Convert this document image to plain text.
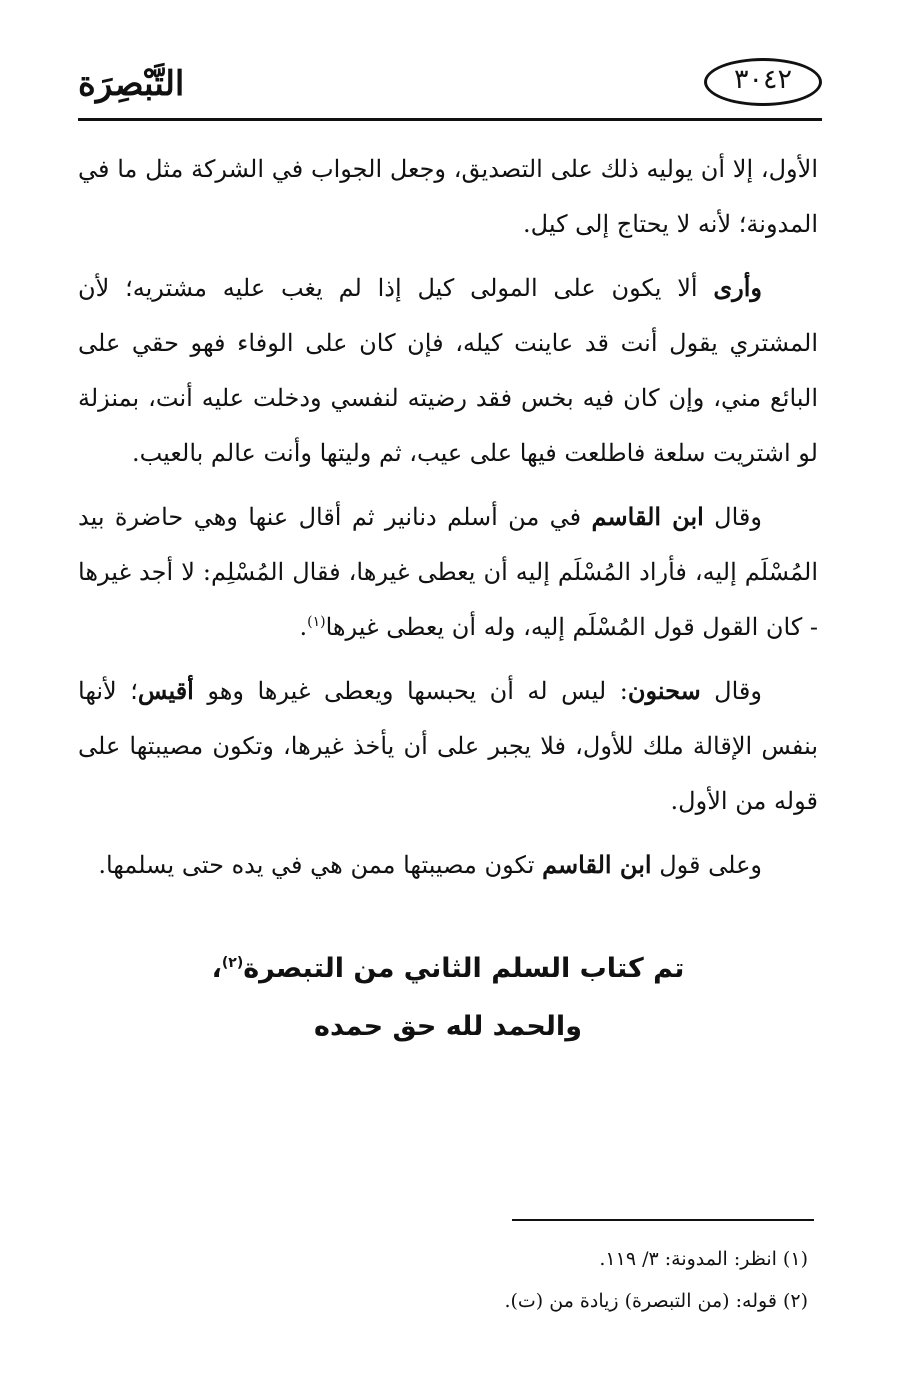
التَّبْصِرَة	٣٠٤٢

الأول، إلا أن يوليه ذلك على التصديق، وجعل الجواب في الشركة مثل ما في المدونة؛ لأنه لا يحتاج إلى كيل.

وأرى ألا يكون على المولى كيل إذا لم يغب عليه مشتريه؛ لأن المشتري يقول أنت قد عاينت كيله، فإن كان على الوفاء فهو حقي على البائع مني، وإن كان فيه بخس فقد رضيته لنفسي ودخلت عليه أنت، بمنزلة لو اشتريت سلعة فاطلعت فيها على عيب، ثم وليتها وأنت عالم بالعيب.

وقال ابن القاسم في من أسلم دنانير ثم أقال عنها وهي حاضرة بيد المُسْلَم إليه، فأراد المُسْلَم إليه أن يعطى غيرها، فقال المُسْلِم: لا أجد غيرها - كان القول قول المُسْلَم إليه، وله أن يعطى غيرها$^{(١)}$.

وقال سحنون: ليس له أن يحبسها ويعطى غيرها وهو أقيس؛ لأنها بنفس الإقالة ملك للأول، فلا يجبر على أن يأخذ غيرها، وتكون مصيبتها على قوله من الأول.

وعلى قول ابن القاسم تكون مصيبتها ممن هي في يده حتى يسلمها.

تم كتاب السلم الثاني من التبصرة$^{(٢)}$،
والحمد لله حق حمده
(١) انظر: المدونة: ٣/ ١١٩.
(٢) قوله: (من التبصرة) زيادة من (ت).
